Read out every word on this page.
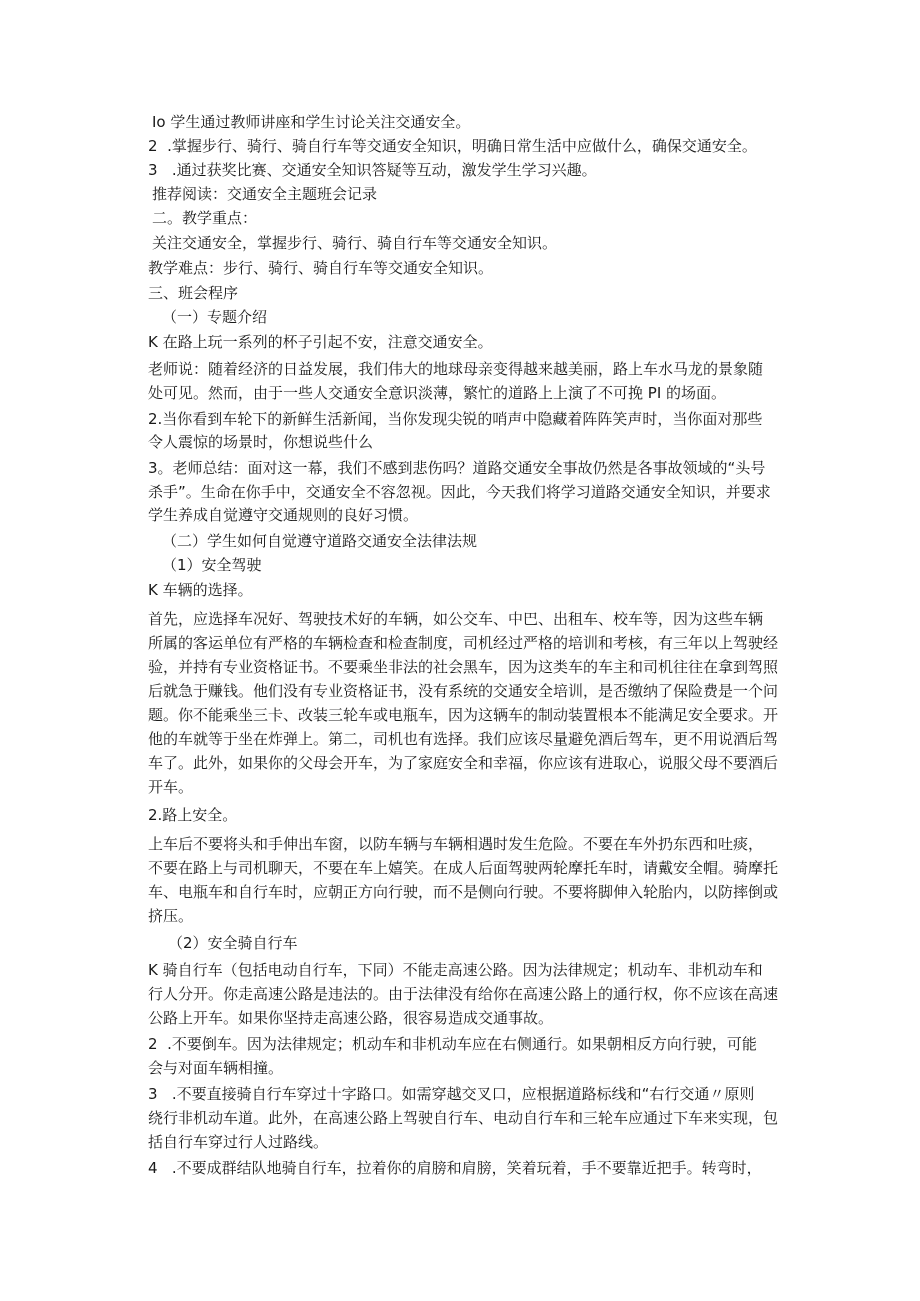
Io 学生通过教师讲座和学生讨论关注交通安全。
2  .掌握步行、骑行、骑自行车等交通安全知识，明确日常生活中应做什么，确保交通安全。
3   .通过获奖比赛、交通安全知识答疑等互动，激发学生学习兴趣。
推荐阅读：交通安全主题班会记录
二。教学重点：
关注交通安全，掌握步行、骑行、骑自行车等交通安全知识。
教学难点：步行、骑行、骑自行车等交通安全知识。
三、班会程序
（一）专题介绍
K 在路上玩一系列的杯子引起不安，注意交通安全。
老师说：随着经济的日益发展，我们伟大的地球母亲变得越来越美丽，路上车水马龙的景象随
处可见。然而，由于一些人交通安全意识淡薄，繁忙的道路上上演了不可挽 PI 的场面。
2.当你看到车轮下的新鲜生活新闻，当你发现尖锐的哨声中隐藏着阵阵笑声时，当你面对那些
令人震惊的场景时，你想说些什么
3。老师总结：面对这一幕，我们不感到悲伤吗？道路交通安全事故仍然是各事故领域的“头号
杀手”。生命在你手中，交通安全不容忽视。因此，今天我们将学习道路交通安全知识，并要求
学生养成自觉遵守交通规则的良好习惯。
（二）学生如何自觉遵守道路交通安全法律法规
（1）安全驾驶
K 车辆的选择。
首先，应选择车况好、驾驶技术好的车辆，如公交车、中巴、出租车、校车等，因为这些车辆
所属的客运单位有严格的车辆检查和检查制度，司机经过严格的培训和考核，有三年以上驾驶经
验，并持有专业资格证书。不要乘坐非法的社会黑车，因为这类车的车主和司机往往在拿到驾照
后就急于赚钱。他们没有专业资格证书，没有系统的交通安全培训，是否缴纳了保险费是一个问
题。你不能乘坐三卡、改装三轮车或电瓶车，因为这辆车的制动装置根本不能满足安全要求。开
他的车就等于坐在炸弹上。第二，司机也有选择。我们应该尽量避免酒后驾车，更不用说酒后驾
车了。此外，如果你的父母会开车，为了家庭安全和幸福，你应该有进取心，说服父母不要酒后
开车。
2.路上安全。
上车后不要将头和手伸出车窗，以防车辆与车辆相遇时发生危险。不要在车外扔东西和吐痰，
不要在路上与司机聊天，不要在车上嬉笑。在成人后面驾驶两轮摩托车时，请戴安全帽。骑摩托
车、电瓶车和自行车时，应朝正方向行驶，而不是侧向行驶。不要将脚伸入轮胎内，以防摔倒或
挤压。
（2）安全骑自行车
K 骑自行车（包括电动自行车，下同）不能走高速公路。因为法律规定；机动车、非机动车和
行人分开。你走高速公路是违法的。由于法律没有给你在高速公路上的通行权，你不应该在高速
公路上开车。如果你坚持走高速公路，很容易造成交通事故。
2  .不要倒车。因为法律规定；机动车和非机动车应在右侧通行。如果朝相反方向行驶，可能
会与对面车辆相撞。
3   .不要直接骑自行车穿过十字路口。如需穿越交叉口，应根据道路标线和“右行交通〃原则
绕行非机动车道。此外，在高速公路上驾驶自行车、电动自行车和三轮车应通过下车来实现，包
括自行车穿过行人过路线。
4   .不要成群结队地骑自行车，拉着你的肩膀和肩膀，笑着玩着，手不要靠近把手。转弯时，
